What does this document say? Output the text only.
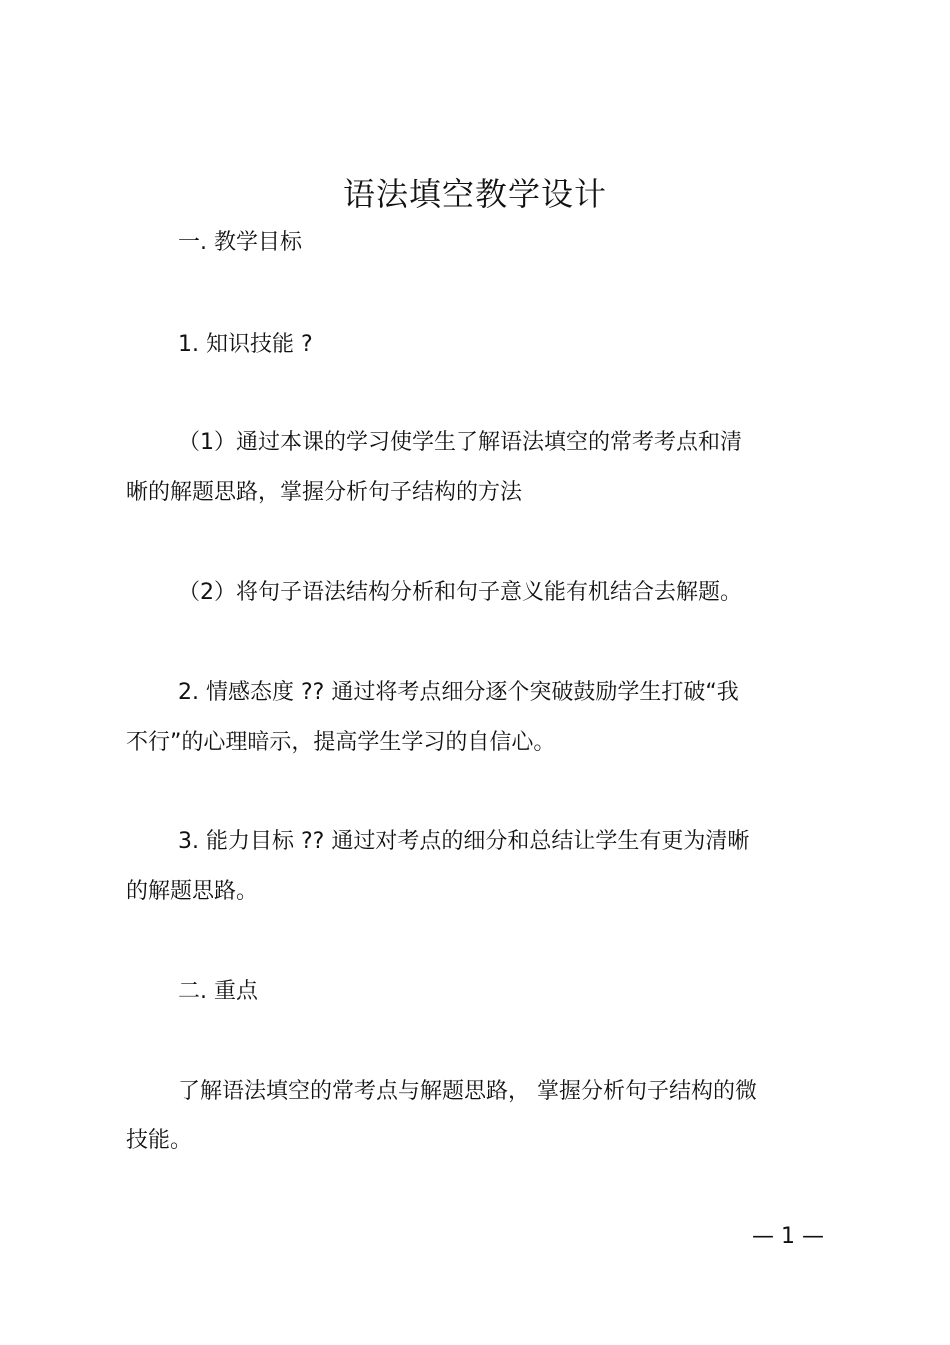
语法填空教学设计
一. 教学目标
1. 知识技能 ?
（1）通过本课的学习使学生了解语法填空的常考考点和清
晰的解题思路，掌握分析句子结构的方法
（2）将句子语法结构分析和句子意义能有机结合去解题。
2. 情感态度 ?? 通过将考点细分逐个突破鼓励学生打破“我
不行”的心理暗示，提高学生学习的自信心。
3. 能力目标 ?? 通过对考点的细分和总结让学生有更为清晰
的解题思路。
二. 重点
了解语法填空的常考点与解题思路， 掌握分析句子结构的微
技能。
— 1 —
